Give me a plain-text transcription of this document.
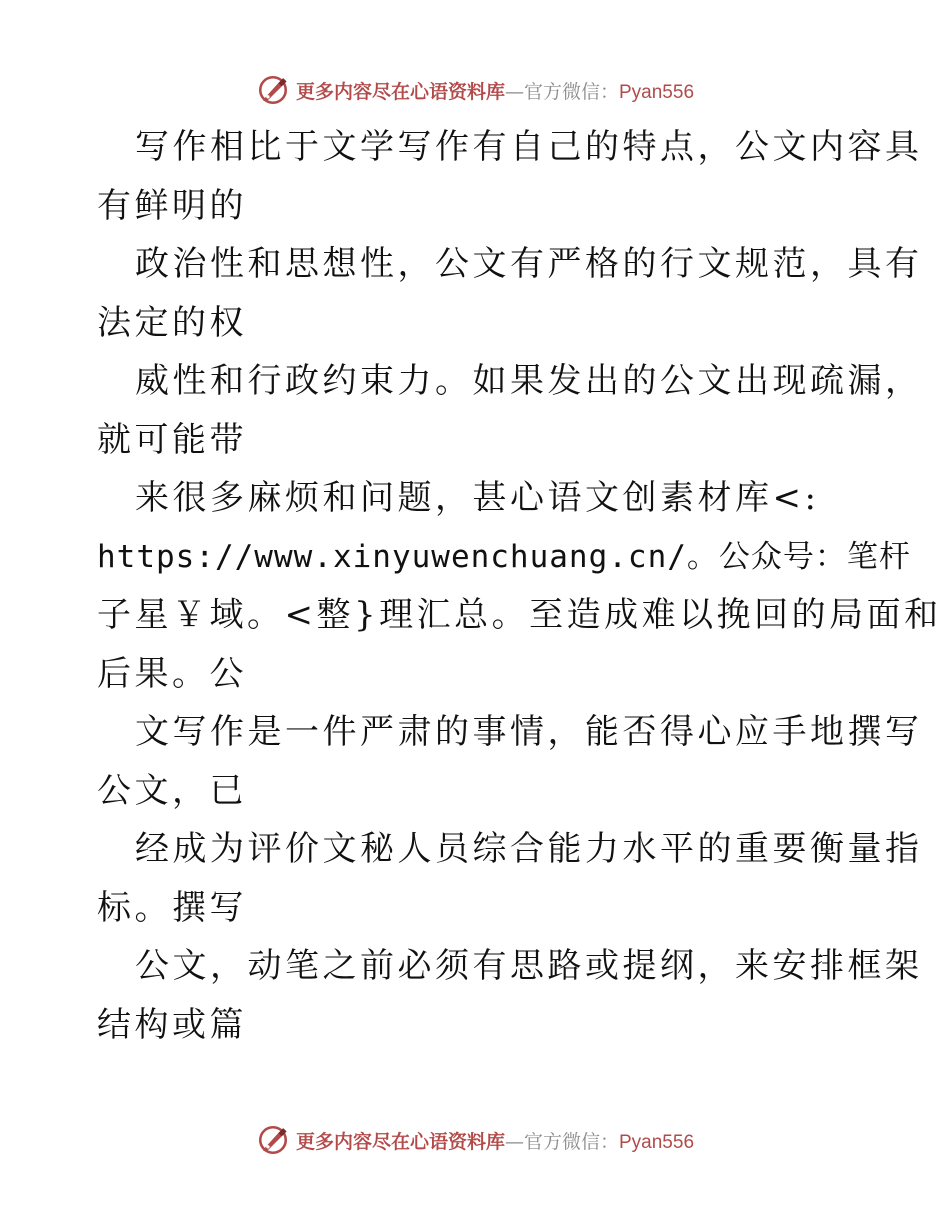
更多内容尽在心语资料库—官方微信：Pyan556
写作相比于文学写作有自己的特点，公文内容具
有鲜明的
政治性和思想性，公文有严格的行文规范，具有
法定的权
威性和行政约束力。如果发出的公文出现疏漏，
就可能带
来很多麻烦和问题，甚心语文创素材库<:
https://www.xinyuwenchuang.cn/。公众号：笔杆
子星￥域。<整}理汇总。至造成难以挽回的局面和
后果。公
文写作是一件严肃的事情，能否得心应手地撰写
公文，已
经成为评价文秘人员综合能力水平的重要衡量指
标。撰写
公文，动笔之前必须有思路或提纲，来安排框架
结构或篇
更多内容尽在心语资料库—官方微信：Pyan556
